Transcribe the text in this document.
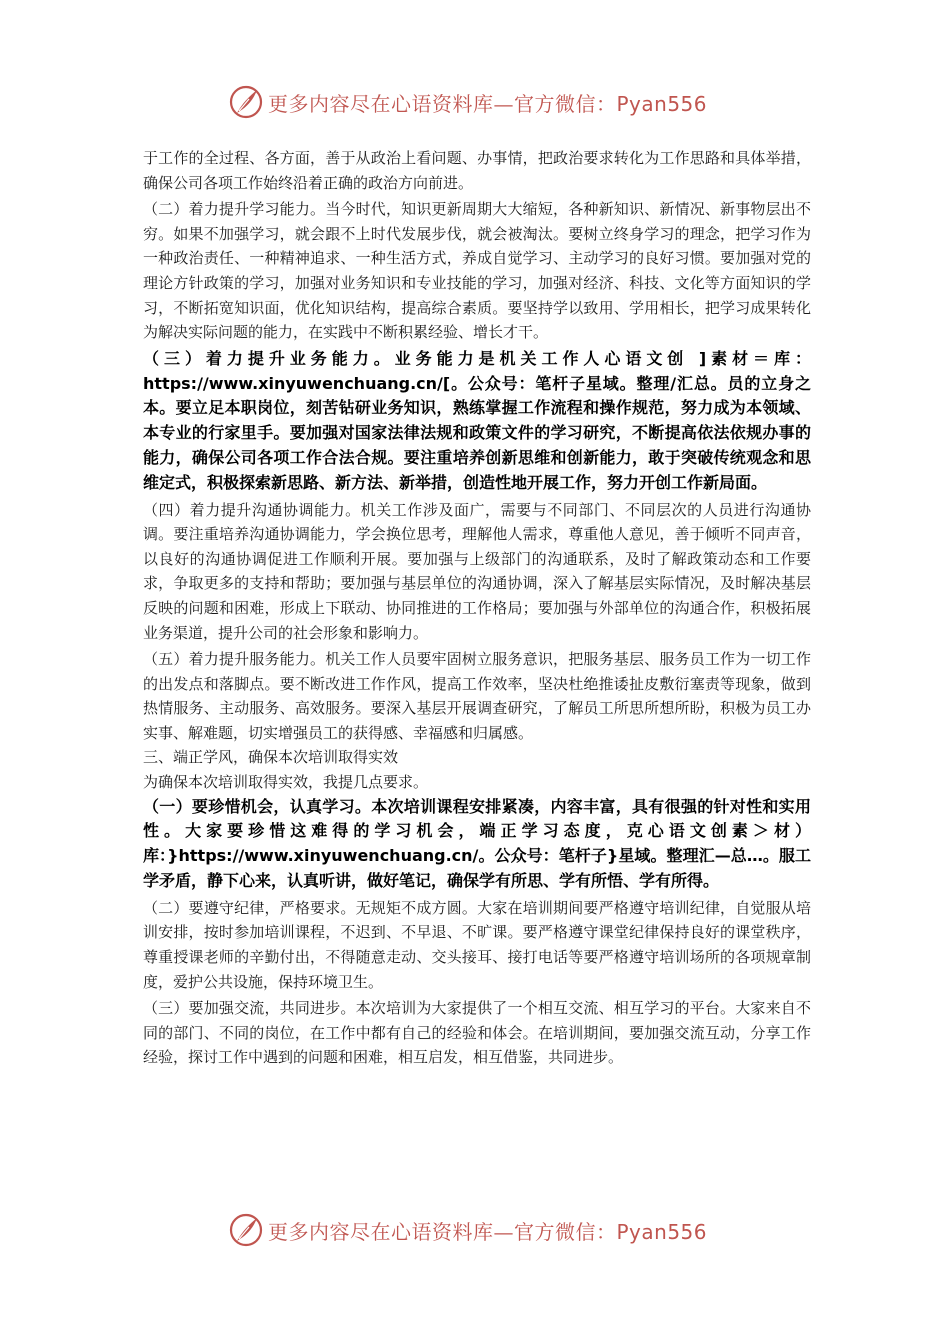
更多内容尽在心语资料库—官方微信：Pyan556

于工作的全过程、各方面，善于从政治上看问题、办事情，把政治要求转化为工作思路和具体举措，确保公司各项工作始终沿着正确的政治方向前进。

（二）着力提升学习能力。当今时代，知识更新周期大大缩短，各种新知识、新情况、新事物层出不穷。如果不加强学习，就会跟不上时代发展步伐，就会被淘汰。要树立终身学习的理念，把学习作为一种政治责任、一种精神追求、一种生活方式，养成自觉学习、主动学习的良好习惯。要加强对党的理论方针政策的学习，加强对业务知识和专业技能的学习，加强对经济、科技、文化等方面知识的学习，不断拓宽知识面，优化知识结构，提高综合素质。要坚持学以致用、学用相长，把学习成果转化为解决实际问题的能力，在实践中不断积累经验、增长才干。

（三）着力提升业务能力。业务能力是机关工作人心语文创 ]素材＝库： https://www.xinyuwenchuang.cn/[。公众号：笔杆子星域。整理/汇总。员的立身之本。要立足本职岗位，刻苦钻研业务知识，熟练掌握工作流程和操作规范，努力成为本领域、本专业的行家里手。要加强对国家法律法规和政策文件的学习研究，不断提高依法依规办事的能力，确保公司各项工作合法合规。要注重培养创新思维和创新能力，敢于突破传统观念和思维定式，积极探索新思路、新方法、新举措，创造性地开展工作，努力开创工作新局面。

（四）着力提升沟通协调能力。机关工作涉及面广，需要与不同部门、不同层次的人员进行沟通协调。要注重培养沟通协调能力，学会换位思考，理解他人需求，尊重他人意见，善于倾听不同声音，以良好的沟通协调促进工作顺利开展。要加强与上级部门的沟通联系，及时了解政策动态和工作要求，争取更多的支持和帮助；要加强与基层单位的沟通协调，深入了解基层实际情况，及时解决基层反映的问题和困难，形成上下联动、协同推进的工作格局；要加强与外部单位的沟通合作，积极拓展业务渠道，提升公司的社会形象和影响力。

（五）着力提升服务能力。机关工作人员要牢固树立服务意识，把服务基层、服务员工作为一切工作的出发点和落脚点。要不断改进工作作风，提高工作效率，坚决杜绝推诿扯皮敷衍塞责等现象，做到热情服务、主动服务、高效服务。要深入基层开展调查研究，了解员工所思所想所盼，积极为员工办实事、解难题，切实增强员工的获得感、幸福感和归属感。

三、端正学风，确保本次培训取得实效

为确保本次培训取得实效，我提几点要求。

（一）要珍惜机会，认真学习。本次培训课程安排紧凑，内容丰富，具有很强的针对性和实用性。大家要珍惜这难得的学习机会，端正学习态度，克心语文创素＞材）库：}https://www.xinyuwenchuang.cn/。公众号：笔杆子}星域。整理汇—总…。服工学矛盾，静下心来，认真听讲，做好笔记，确保学有所思、学有所悟、学有所得。

（二）要遵守纪律，严格要求。无规矩不成方圆。大家在培训期间要严格遵守培训纪律，自觉服从培训安排，按时参加培训课程，不迟到、不早退、不旷课。要严格遵守课堂纪律保持良好的课堂秩序，尊重授课老师的辛勤付出，不得随意走动、交头接耳、接打电话等要严格遵守培训场所的各项规章制度，爱护公共设施，保持环境卫生。

（三）要加强交流，共同进步。本次培训为大家提供了一个相互交流、相互学习的平台。大家来自不同的部门、不同的岗位，在工作中都有自己的经验和体会。在培训期间，要加强交流互动，分享工作经验，探讨工作中遇到的问题和困难，相互启发，相互借鉴，共同进步。

更多内容尽在心语资料库—官方微信：Pyan556
